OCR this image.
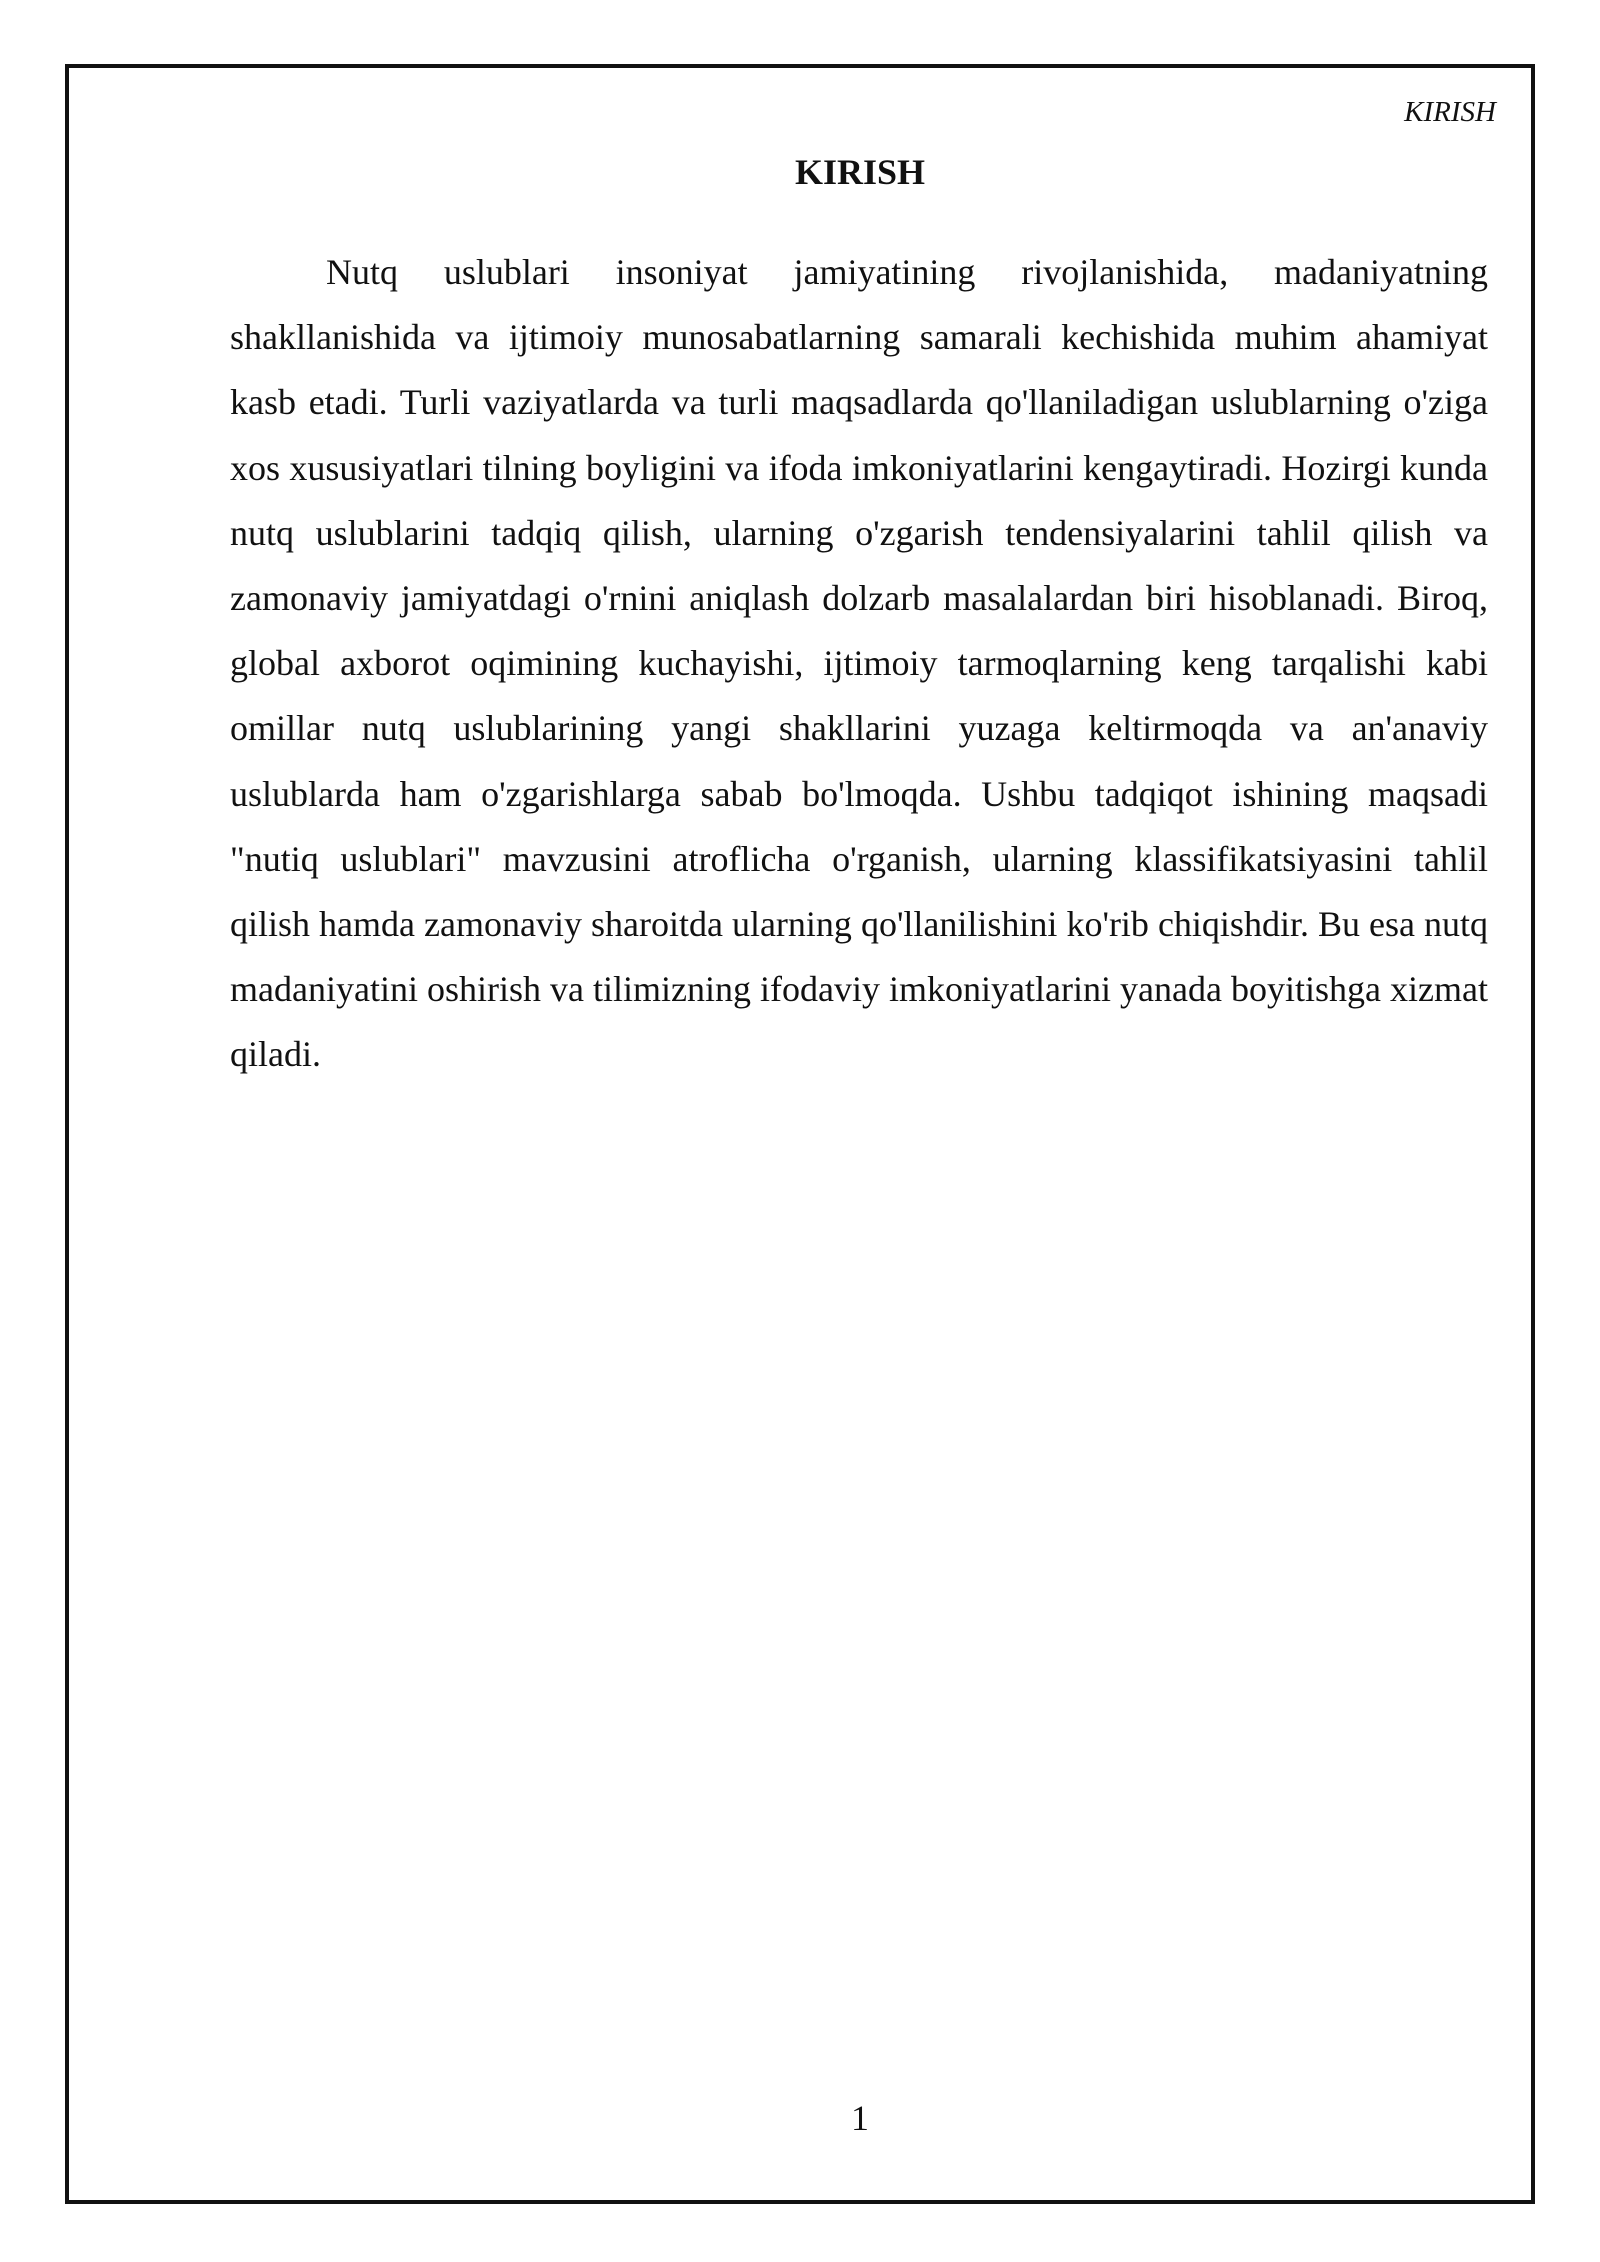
KIRISH
KIRISH

Nutq uslublari insoniyat jamiyatining rivojlanishida, madaniyatning shakllanishida va ijtimoiy munosabatlarning samarali kechishida muhim ahamiyat kasb etadi. Turli vaziyatlarda va turli maqsadlarda qo'llaniladigan uslublarning o'ziga xos xususiyatlari tilning boyligini va ifoda imkoniyatlarini kengaytiradi. Hozirgi kunda nutq uslublarini tadqiq qilish, ularning o'zgarish tendensiyalarini tahlil qilish va zamonaviy jamiyatdagi o'rnini aniqlash dolzarb masalalardan biri hisoblanadi. Biroq, global axborot oqimining kuchayishi, ijtimoiy tarmoqlarning keng tarqalishi kabi omillar nutq uslublarining yangi shakllarini yuzaga keltirmoqda va an'anaviy uslublarda ham o'zgarishlarga sabab bo'lmoqda. Ushbu tadqiqot ishining maqsadi "nutiq uslublari" mavzusini atroflicha o'rganish, ularning klassifikatsiyasini tahlil qilish hamda zamonaviy sharoitda ularning qo'llanilishini ko'rib chiqishdir. Bu esa nutq madaniyatini oshirish va tilimizning ifodaviy imkoniyatlarini yanada boyitishga xizmat qiladi.

1
